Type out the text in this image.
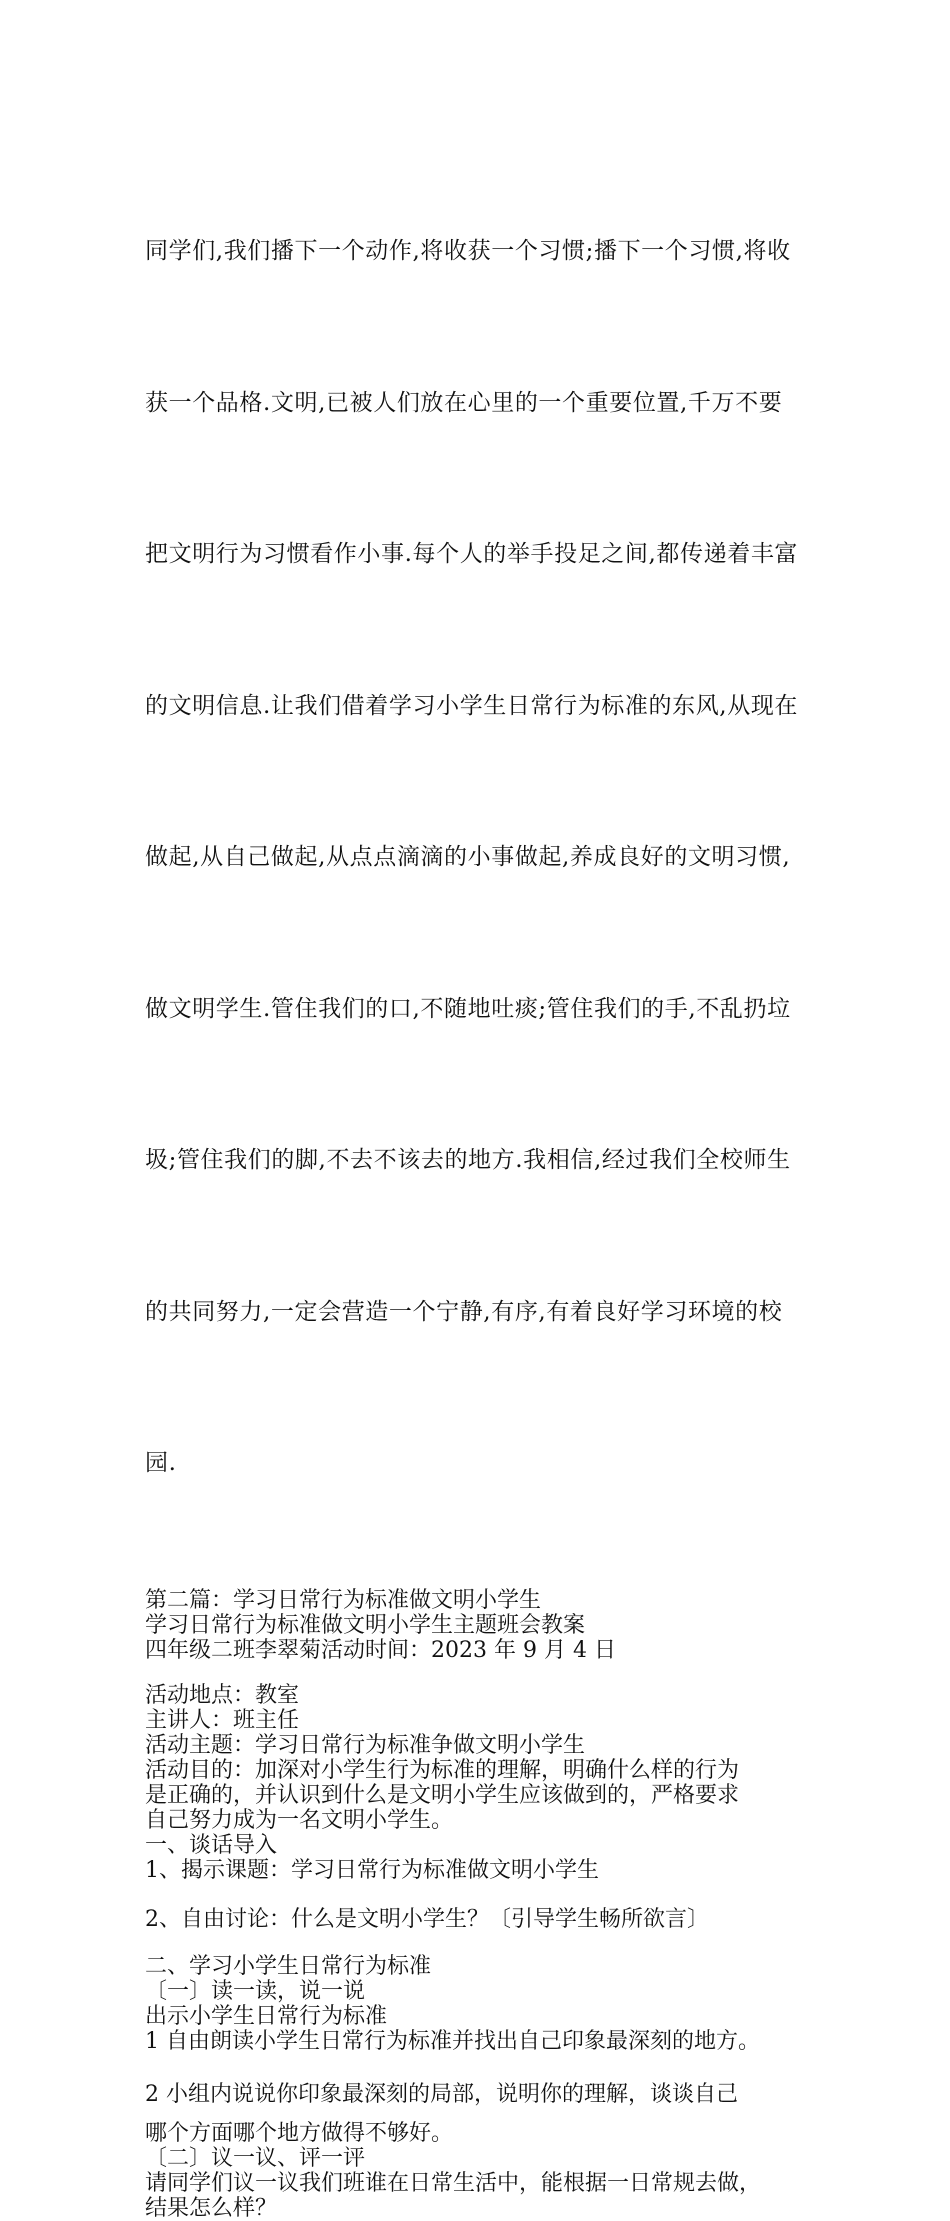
同学们,我们播下一个动作,将收获一个习惯;播下一个习惯,将收

获一个品格.文明,已被人们放在心里的一个重要位置,千万不要

把文明行为习惯看作小事.每个人的举手投足之间,都传递着丰富

的文明信息.让我们借着学习小学生日常行为标准的东风,从现在

做起,从自己做起,从点点滴滴的小事做起,养成良好的文明习惯,

做文明学生.管住我们的口,不随地吐痰;管住我们的手,不乱扔垃

圾;管住我们的脚,不去不该去的地方.我相信,经过我们全校师生

的共同努力,一定会营造一个宁静,有序,有着良好学习环境的校

园.

第二篇：学习日常行为标准做文明小学生

学习日常行为标准做文明小学生主题班会教案

四年级二班李翠菊活动时间：2023 年 9 月 4 日

活动地点：教室

主讲人：班主任

活动主题：学习日常行为标准争做文明小学生

活动目的：加深对小学生行为标准的理解，明确什么样的行为

是正确的，并认识到什么是文明小学生应该做到的，严格要求

自己努力成为一名文明小学生。

一、谈话导入

1、揭示课题：学习日常行为标准做文明小学生

2、自由讨论：什么是文明小学生？〔引导学生畅所欲言〕

二、学习小学生日常行为标准

〔一〕读一读，说一说

出示小学生日常行为标准

1 自由朗读小学生日常行为标准并找出自己印象最深刻的地方。

2 小组内说说你印象最深刻的局部，说明你的理解，谈谈自己

哪个方面哪个地方做得不够好。

〔二〕议一议、评一评

请同学们议一议我们班谁在日常生活中，能根据一日常规去做，

结果怎么样？
